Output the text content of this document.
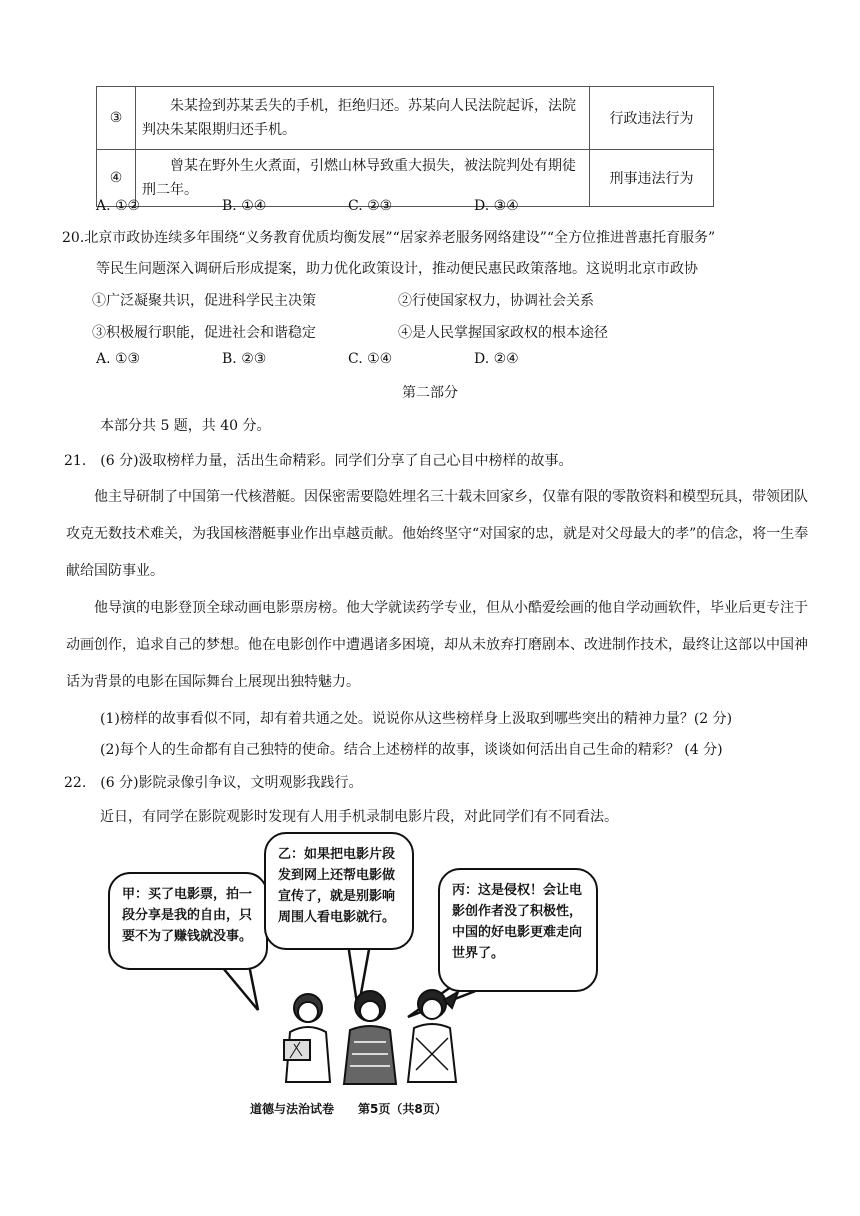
③	朱某捡到苏某丢失的手机，拒绝归还。苏某向人民法院起诉，法院判决朱某限期归还手机。	行政违法行为
④	曾某在野外生火煮面，引燃山林导致重大损失，被法院判处有期徒刑二年。	刑事违法行为
A. ①②	B. ①④	C. ②③	D. ③④
20.北京市政协连续多年围绕“义务教育优质均衡发展”“居家养老服务网络建设”“全方位推进普惠托育服务”
等民生问题深入调研后形成提案，助力优化政策设计，推动便民惠民政策落地。这说明北京市政协
①广泛凝聚共识，促进科学民主决策	②行使国家权力，协调社会关系
③积极履行职能，促进社会和谐稳定	④是人民掌握国家政权的根本途径
A. ①③	B. ②③	C. ①④	D. ②④
第二部分
本部分共 5 题，共 40 分。
21.　(6 分)汲取榜样力量，活出生命精彩。同学们分享了自己心目中榜样的故事。
他主导研制了中国第一代核潜艇。因保密需要隐姓埋名三十载未回家乡，仅靠有限的零散资料和模型玩具，带领团队攻克无数技术难关，为我国核潜艇事业作出卓越贡献。他始终坚守“对国家的忠，就是对父母最大的孝”的信念，将一生奉献给国防事业。
他导演的电影登顶全球动画电影票房榜。他大学就读药学专业，但从小酷爱绘画的他自学动画软件，毕业后更专注于动画创作，追求自己的梦想。他在电影创作中遭遇诸多困境，却从未放弃打磨剧本、改进制作技术，最终让这部以中国神话为背景的电影在国际舞台上展现出独特魅力。
(1)榜样的故事看似不同，却有着共通之处。说说你从这些榜样身上汲取到哪些突出的精神力量？(2 分)
(2)每个人的生命都有自己独特的使命。结合上述榜样的故事，谈谈如何活出自己生命的精彩？ (4 分)
22.　(6 分)影院录像引争议，文明观影我践行。
近日，有同学在影院观影时发现有人用手机录制电影片段，对此同学们有不同看法。
甲：买了电影票，拍一段分享是我的自由，只要不为了赚钱就没事。
乙：如果把电影片段发到网上还帮电影做宣传了，就是别影响周围人看电影就行。
丙：这是侵权！会让电影创作者没了积极性，中国的好电影更难走向世界了。
道德与法治试卷　　第5页（共8页）
